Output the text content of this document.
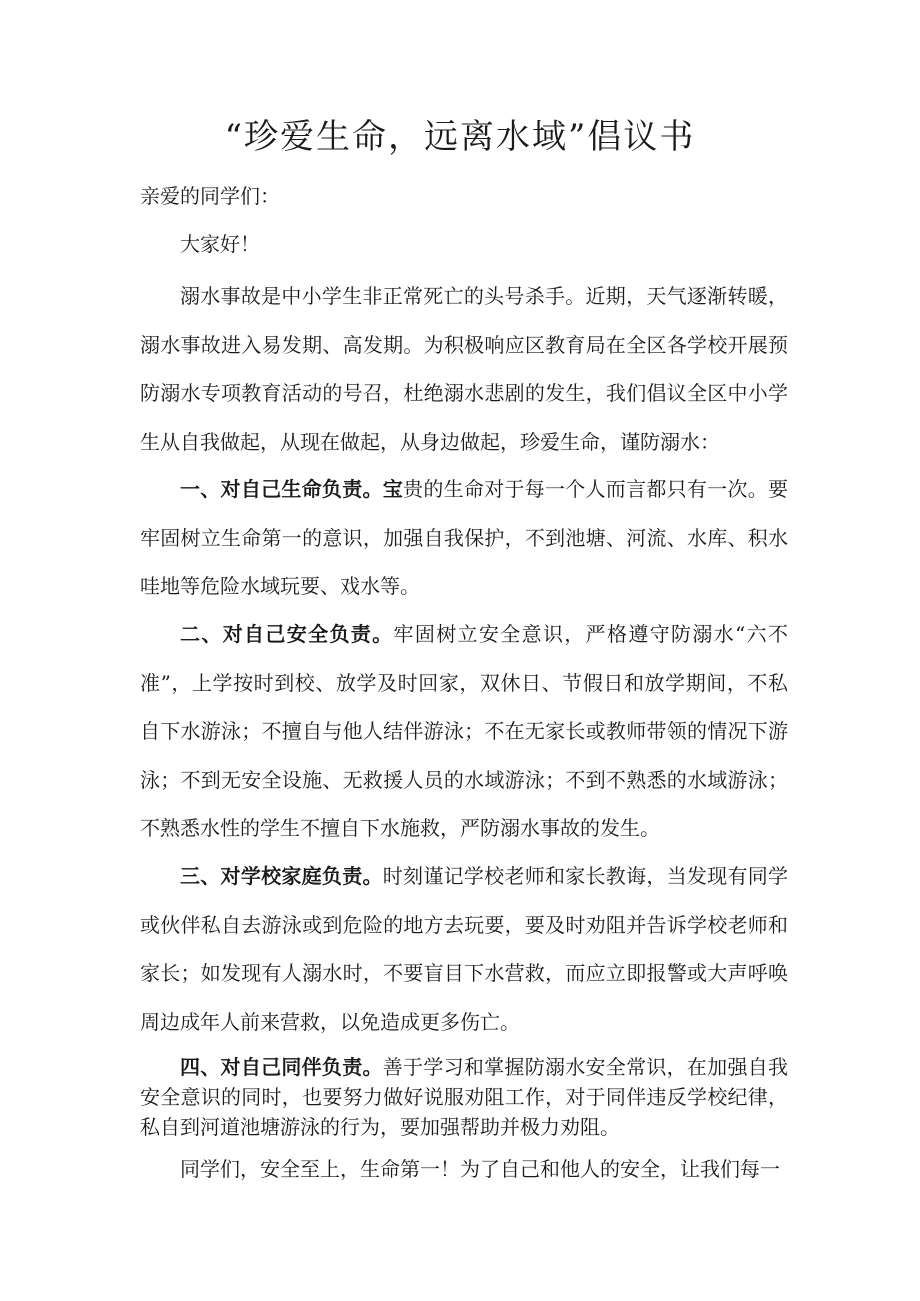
“珍爱生命，远离水域”倡议书

亲爱的同学们：

大家好！

溺水事故是中小学生非正常死亡的头号杀手。近期，天气逐渐转暖，溺水事故进入易发期、高发期。为积极响应区教育局在全区各学校开展预防溺水专项教育活动的号召，杜绝溺水悲剧的发生，我们倡议全区中小学生从自我做起，从现在做起，从身边做起，珍爱生命，谨防溺水：

一、对自己生命负责。宝贵的生命对于每一个人而言都只有一次。要牢固树立生命第一的意识，加强自我保护，不到池塘、河流、水库、积水哇地等危险水域玩要、戏水等。

二、对自己安全负责。牢固树立安全意识，严格遵守防溺水“六不准”，上学按时到校、放学及时回家，双休日、节假日和放学期间，不私自下水游泳；不擅自与他人结伴游泳；不在无家长或教师带领的情况下游泳；不到无安全设施、无救援人员的水域游泳；不到不熟悉的水域游泳；不熟悉水性的学生不擅自下水施救，严防溺水事故的发生。

三、对学校家庭负责。时刻谨记学校老师和家长教诲，当发现有同学或伙伴私自去游泳或到危险的地方去玩要，要及时劝阻并告诉学校老师和家长；如发现有人溺水时，不要盲目下水营救，而应立即报警或大声呼唤周边成年人前来营救，以免造成更多伤亡。

四、对自己同伴负责。善于学习和掌握防溺水安全常识，在加强自我安全意识的同时，也要努力做好说服劝阻工作，对于同伴违反学校纪律，私自到河道池塘游泳的行为，要加强帮助并极力劝阻。

同学们，安全至上，生命第一！为了自己和他人的安全，让我们每一
